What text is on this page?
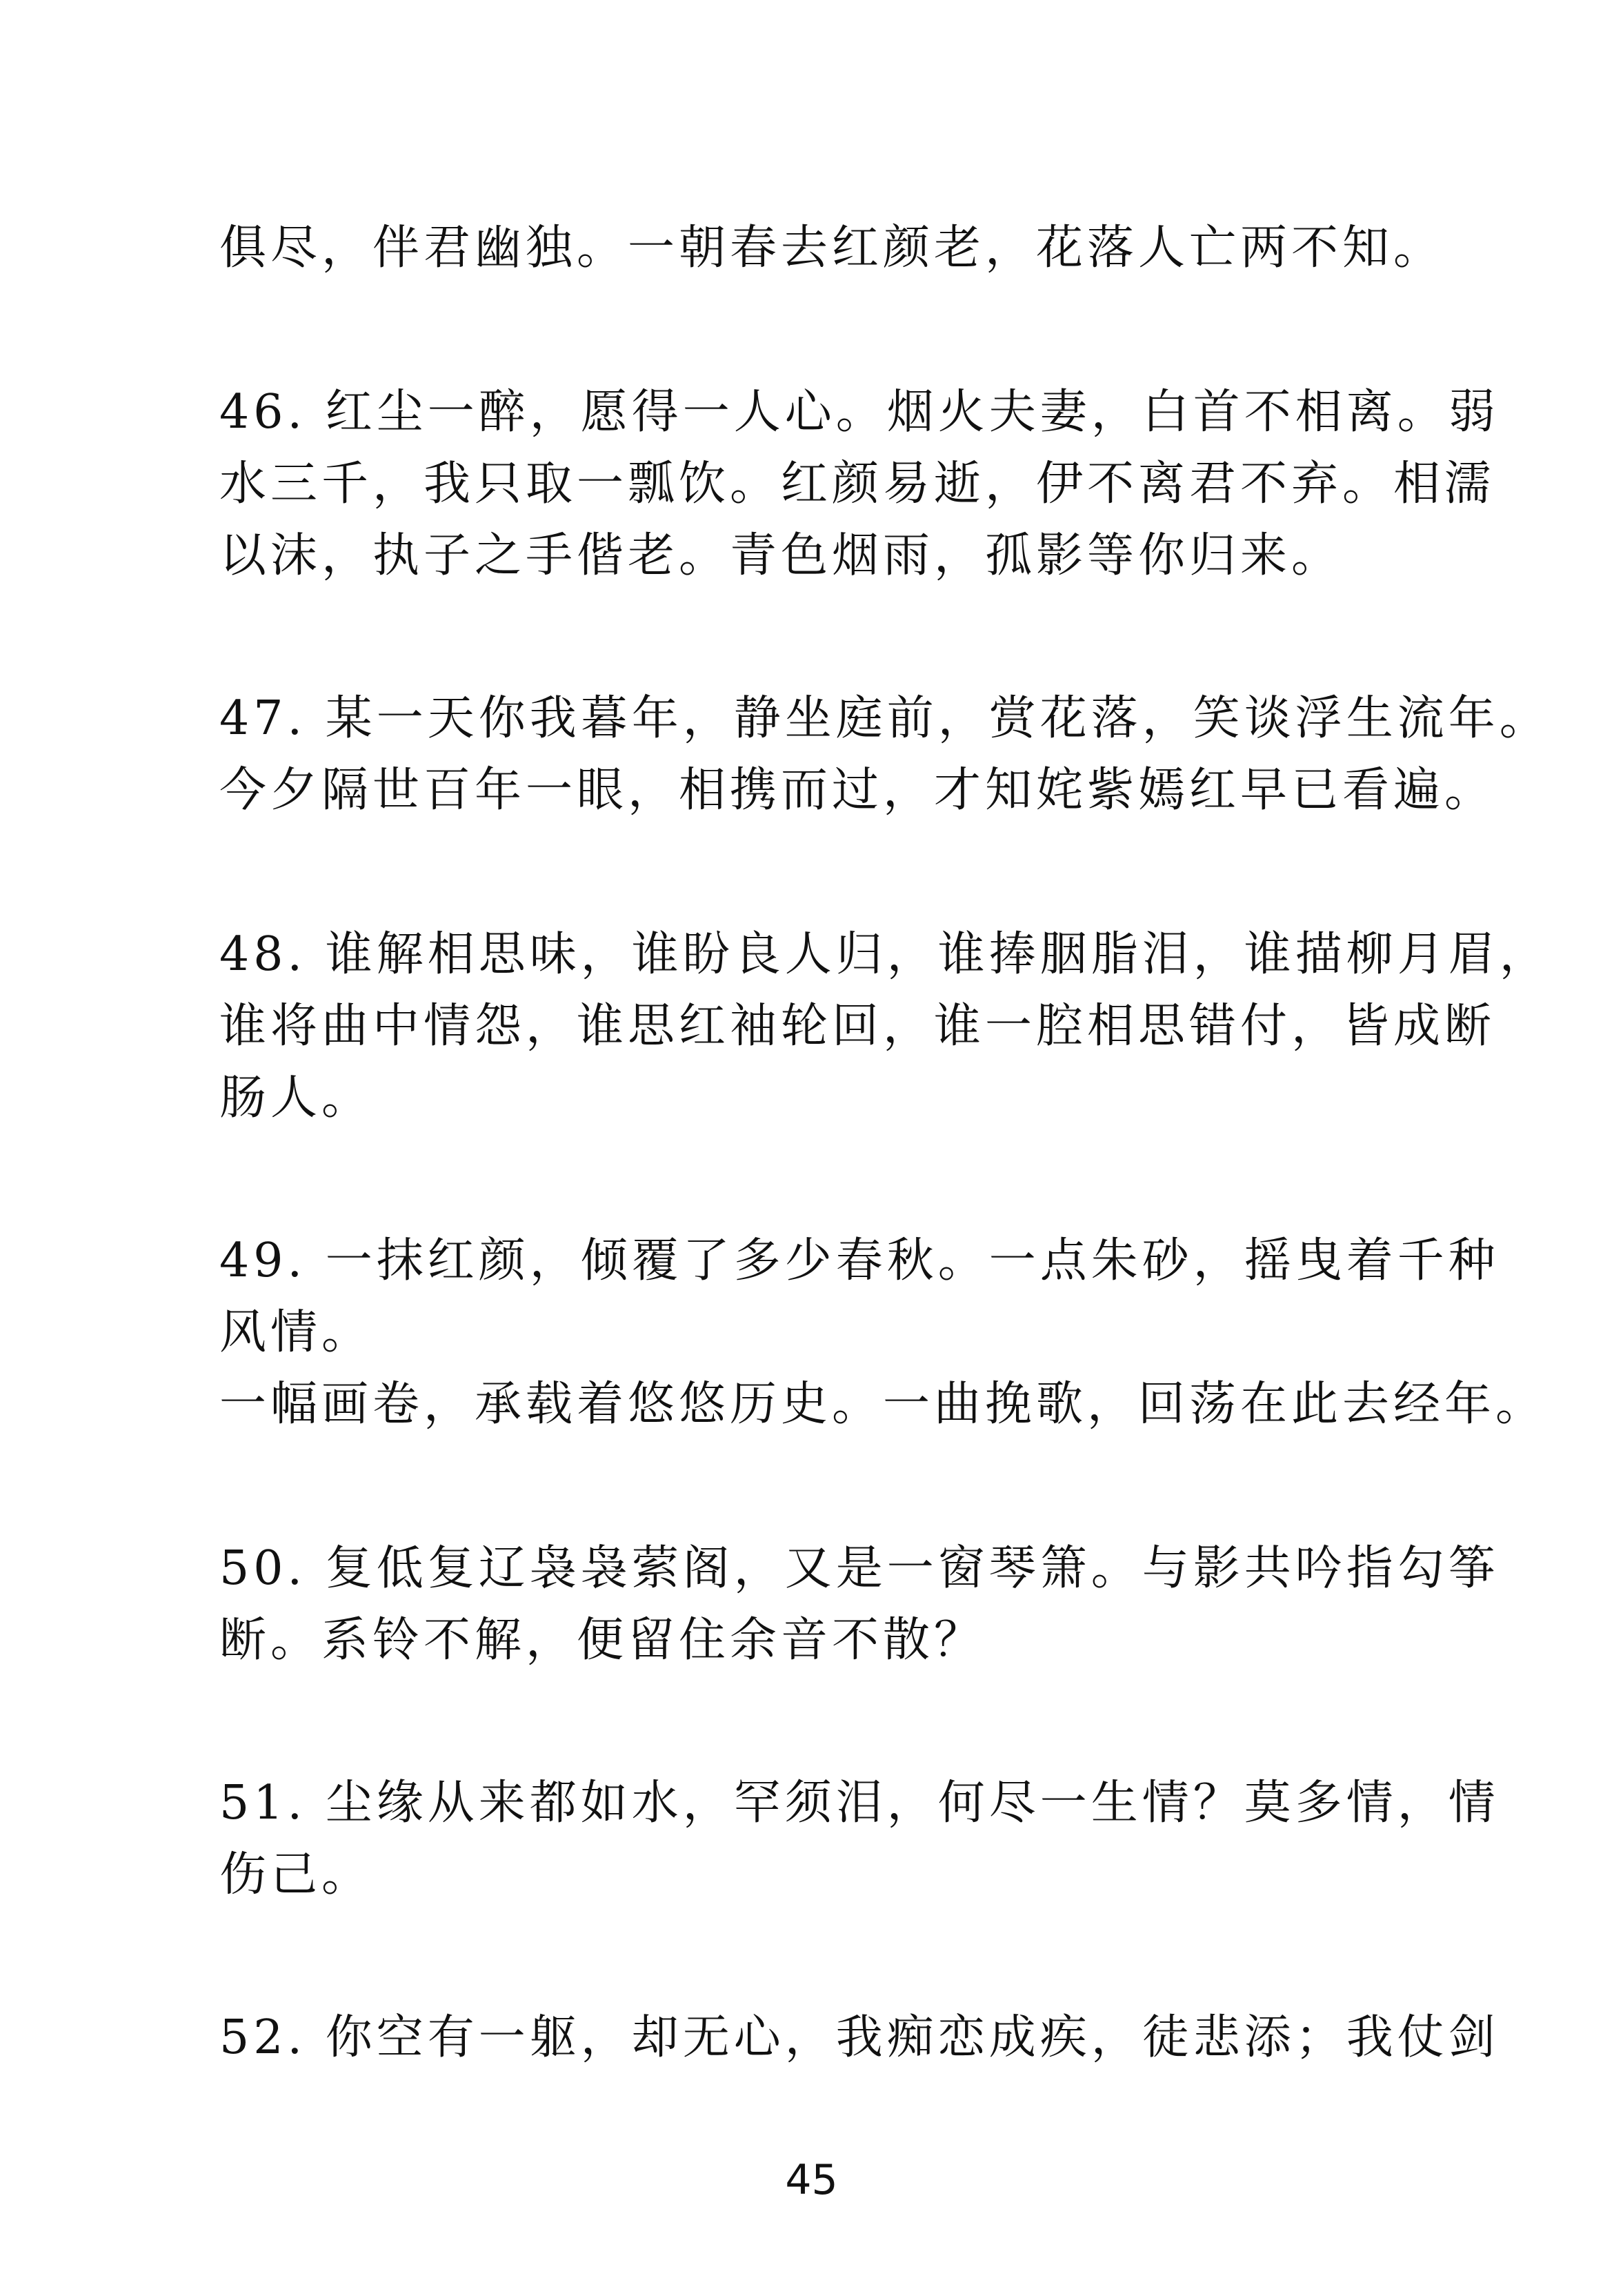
俱尽，伴君幽独。一朝春去红颜老，花落人亡两不知。
46. 红尘一醉，愿得一人心。烟火夫妻，白首不相离。弱
水三千，我只取一瓢饮。红颜易逝，伊不离君不弃。相濡
以沫，执子之手偕老。青色烟雨，孤影等你归来。
47. 某一天你我暮年，静坐庭前，赏花落，笑谈浮生流年。
今夕隔世百年一眼，相携而过，才知姹紫嫣红早已看遍。
48. 谁解相思味，谁盼良人归，谁捧胭脂泪，谁描柳月眉，
谁将曲中情怨，谁思红袖轮回，谁一腔相思错付，皆成断
肠人。
49. 一抹红颜，倾覆了多少春秋。一点朱砂，摇曳着千种
风情。
一幅画卷，承载着悠悠历史。一曲挽歌，回荡在此去经年。
50. 复低复辽袅袅萦阁，又是一窗琴箫。与影共吟指勾筝
断。系铃不解，便留住余音不散？
51. 尘缘从来都如水，罕须泪，何尽一生情？莫多情，情
伤己。
52. 你空有一躯，却无心，我痴恋成疾，徒悲添；我仗剑
45
